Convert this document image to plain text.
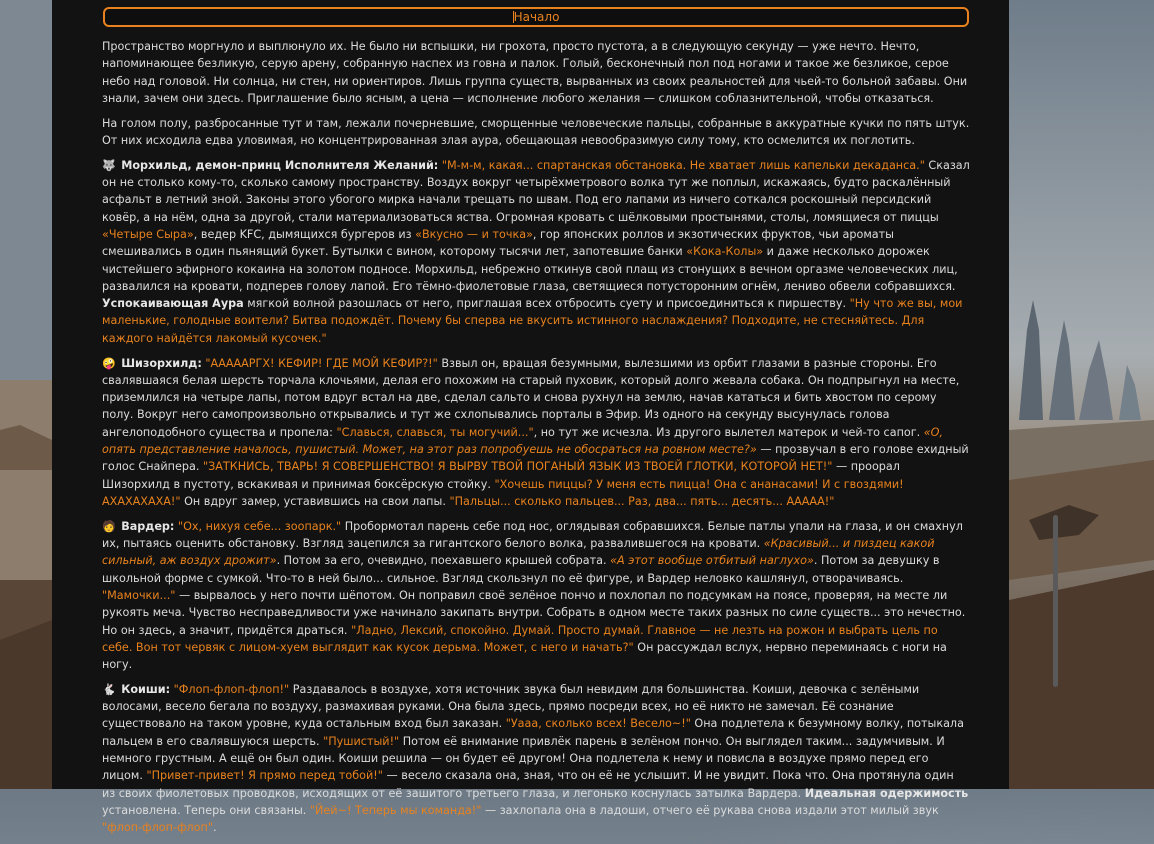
Начало

Пространство моргнуло и выплюнуло их. Не было ни вспышки, ни грохота, просто пустота, а в следующую секунду — уже нечто. Нечто, напоминающее безликую, серую арену, собранную наспех из говна и палок. Голый, бесконечный пол под ногами и такое же безликое, серое небо над головой. Ни солнца, ни стен, ни ориентиров. Лишь группа существ, вырванных из своих реальностей для чьей-то больной забавы. Они знали, зачем они здесь. Приглашение было ясным, а цена — исполнение любого желания — слишком соблазнительной, чтобы отказаться.

На голом полу, разбросанные тут и там, лежали почерневшие, сморщенные человеческие пальцы, собранные в аккуратные кучки по пять штук. От них исходила едва уловимая, но концентрированная злая аура, обещающая невообразимую силу тому, кто осмелится их поглотить.

🐺 Морхильд, демон-принц Исполнителя Желаний: "М-м-м, какая... спартанская обстановка. Не хватает лишь капельки декаданса." Сказал он не столько кому-то, сколько самому пространству. Воздух вокруг четырёхметрового волка тут же поплыл, искажаясь, будто раскалённый асфальт в летний зной. Законы этого убогого мирка начали трещать по швам. Под его лапами из ничего соткался роскошный персидский ковёр, а на нём, одна за другой, стали материализоваться яства. Огромная кровать с шёлковыми простынями, столы, ломящиеся от пиццы «Четыре Сыра», ведер KFC, дымящихся бургеров из «Вкусно — и точка», гор японских роллов и экзотических фруктов, чьи ароматы смешивались в один пьянящий букет. Бутылки с вином, которому тысячи лет, запотевшие банки «Кока-Колы» и даже несколько дорожек чистейшего эфирного кокаина на золотом подносе. Морхильд, небрежно откинув свой плащ из стонущих в вечном оргазме человеческих лиц, развалился на кровати, подперев голову лапой. Его тёмно-фиолетовые глаза, светящиеся потусторонним огнём, лениво обвели собравшихся. Успокаивающая Аура мягкой волной разошлась от него, приглашая всех отбросить суету и присоединиться к пиршеству. "Ну что же вы, мои маленькие, голодные воители? Битва подождёт. Почему бы сперва не вкусить истинного наслаждения? Подходите, не стесняйтесь. Для каждого найдётся лакомый кусочек."

🤪 Шизорхилд: "АААААРГХ! КЕФИР! ГДЕ МОЙ КЕФИР?!" Взвыл он, вращая безумными, вылезшими из орбит глазами в разные стороны. Его свалявшаяся белая шерсть торчала клочьями, делая его похожим на старый пуховик, который долго жевала собака. Он подпрыгнул на месте, приземлился на четыре лапы, потом вдруг встал на две, сделал сальто и снова рухнул на землю, начав кататься и бить хвостом по серому полу. Вокруг него самопроизвольно открывались и тут же схлопывались порталы в Эфир. Из одного на секунду высунулась голова ангелоподобного существа и пропела: "Славься, славься, ты могучий...", но тут же исчезла. Из другого вылетел матерок и чей-то сапог. «О, опять представление началось, пушистый. Может, на этот раз попробуешь не обосраться на ровном месте?» — прозвучал в его голове ехидный голос Снайпера. "ЗАТКНИСЬ, ТВАРЬ! Я СОВЕРШЕНСТВО! Я ВЫРВУ ТВОЙ ПОГАНЫЙ ЯЗЫК ИЗ ТВОЕЙ ГЛОТКИ, КОТОРОЙ НЕТ!" — проорал Шизорхилд в пустоту, вскакивая и принимая боксёрскую стойку. "Хочешь пиццы? У меня есть пицца! Она с ананасами! И с гвоздями! АХАХАХАХА!" Он вдруг замер, уставившись на свои лапы. "Пальцы... сколько пальцев... Раз, два... пять... десять... ААААА!"

🧑 Вардер: "Ох, нихуя себе... зоопарк." Пробормотал парень себе под нос, оглядывая собравшихся. Белые патлы упали на глаза, и он смахнул их, пытаясь оценить обстановку. Взгляд зацепился за гигантского белого волка, развалившегося на кровати. «Красивый... и пиздец какой сильный, аж воздух дрожит». Потом за его, очевидно, поехавшего крышей собрата. «А этот вообще отбитый наглухо». Потом за девушку в школьной форме с сумкой. Что-то в ней было... сильное. Взгляд скользнул по её фигуре, и Вардер неловко кашлянул, отворачиваясь. "Мамочки..." — вырвалось у него почти шёпотом. Он поправил своё зелёное пончо и похлопал по подсумкам на поясе, проверяя, на месте ли рукоять меча. Чувство несправедливости уже начинало закипать внутри. Собрать в одном месте таких разных по силе существ... это нечестно. Но он здесь, а значит, придётся драться. "Ладно, Лексий, спокойно. Думай. Просто думай. Главное — не лезть на рожон и выбрать цель по себе. Вон тот червяк с лицом-хуем выглядит как кусок дерьма. Может, с него и начать?" Он рассуждал вслух, нервно переминаясь с ноги на ногу.

🐇 Коиши: "Флоп-флоп-флоп!" Раздавалось в воздухе, хотя источник звука был невидим для большинства. Коиши, девочка с зелёными волосами, весело бегала по воздуху, размахивая руками. Она была здесь, прямо посреди всех, но её никто не замечал. Её сознание существовало на таком уровне, куда остальным вход был заказан. "Уааа, сколько всех! Весело~!" Она подлетела к безумному волку, потыкала пальцем в его свалявшуюся шерсть. "Пушистый!" Потом её внимание привлёк парень в зелёном пончо. Он выглядел таким... задумчивым. И немного грустным. А ещё он был один. Коиши решила — он будет её другом! Она подлетела к нему и повисла в воздухе прямо перед его лицом. "Привет-привет! Я прямо перед тобой!" — весело сказала она, зная, что он её не услышит. И не увидит. Пока что. Она протянула один из своих фиолетовых проводков, исходящих от её зашитого третьего глаза, и легонько коснулась затылка Вардера. Идеальная одержимость установлена. Теперь они связаны. "Йей~! Теперь мы команда!" — захлопала она в ладоши, отчего её рукава снова издали этот милый звук "флоп-флоп-флоп".
